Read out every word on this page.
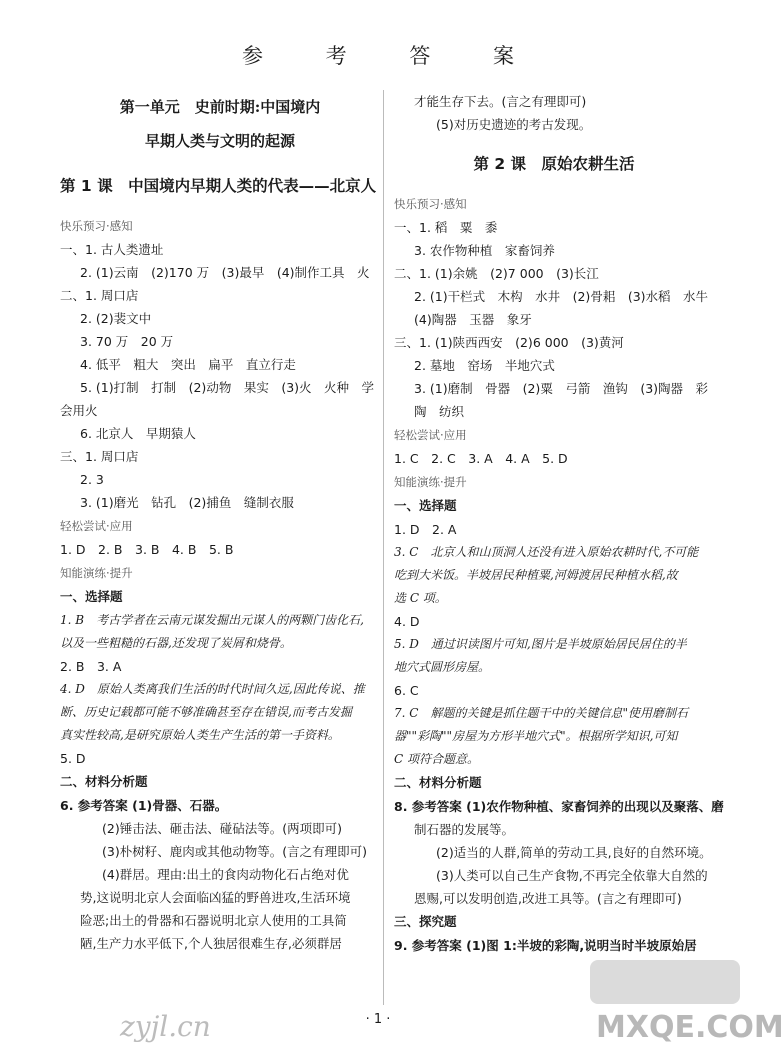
参 考 答 案
第一单元　史前时期:中国境内
早期人类与文明的起源
第 1 课　中国境内早期人类的代表——北京人
快乐预习·感知
一、1. 古人类遗址
2. (1)云南　(2)170 万　(3)最早　(4)制作工具　火
二、1. 周口店
2. (2)裴文中
3. 70 万　20 万
4. 低平　粗大　突出　扁平　直立行走
5. (1)打制　打制　(2)动物　果实　(3)火　火种　学
会用火
6. 北京人　早期猿人
三、1. 周口店
2. 3
3. (1)磨光　钻孔　(2)捕鱼　缝制衣服
轻松尝试·应用
1. D　2. B　3. B　4. B　5. B
知能演练·提升
一、选择题
1. B　考古学者在云南元谋发掘出元谋人的两颗门齿化石,
以及一些粗糙的石器,还发现了炭屑和烧骨。
2. B　3. A
4. D　原始人类离我们生活的时代时间久远,因此传说、推
断、历史记载都可能不够准确甚至存在错误,而考古发掘
真实性较高,是研究原始人类生产生活的第一手资料。
5. D
二、材料分析题
6. 参考答案 (1)骨器、石器。
(2)锤击法、砸击法、碰砧法等。(两项即可)
(3)朴树籽、鹿肉或其他动物等。(言之有理即可)
(4)群居。理由:出土的食肉动物化石占绝对优
势,这说明北京人会面临凶猛的野兽进攻,生活环境
险恶;出土的骨器和石器说明北京人使用的工具简
陋,生产力水平低下,个人独居很难生存,必须群居
才能生存下去。(言之有理即可)
(5)对历史遗迹的考古发现。
第 2 课　原始农耕生活
快乐预习·感知
一、1. 稻　粟　黍
3. 农作物种植　家畜饲养
二、1. (1)余姚　(2)7 000　(3)长江
2. (1)干栏式　木构　水井　(2)骨耜　(3)水稻　水牛
(4)陶器　玉器　象牙
三、1. (1)陕西西安　(2)6 000　(3)黄河
2. 墓地　窑场　半地穴式
3. (1)磨制　骨器　(2)粟　弓箭　渔钩　(3)陶器　彩
陶　纺织
轻松尝试·应用
1. C　2. C　3. A　4. A　5. D
知能演练·提升
一、选择题
1. D　2. A
3. C　北京人和山顶洞人还没有进入原始农耕时代,不可能
吃到大米饭。半坡居民种植粟,河姆渡居民种植水稻,故
选 C 项。
4. D
5. D　通过识读图片可知,图片是半坡原始居民居住的半
地穴式圆形房屋。
6. C
7. C　解题的关键是抓住题干中的关键信息"使用磨制石
器""彩陶""房屋为方形半地穴式"。根据所学知识,可知
C 项符合题意。
二、材料分析题
8. 参考答案 (1)农作物种植、家畜饲养的出现以及聚落、磨
制石器的发展等。
(2)适当的人群,简单的劳动工具,良好的自然环境。
(3)人类可以自己生产食物,不再完全依靠大自然的
恩赐,可以发明创造,改进工具等。(言之有理即可)
三、探究题
9. 参考答案 (1)图 1:半坡的彩陶,说明当时半坡原始居
· 1 ·	MXQE.COM
zyjl.cn
